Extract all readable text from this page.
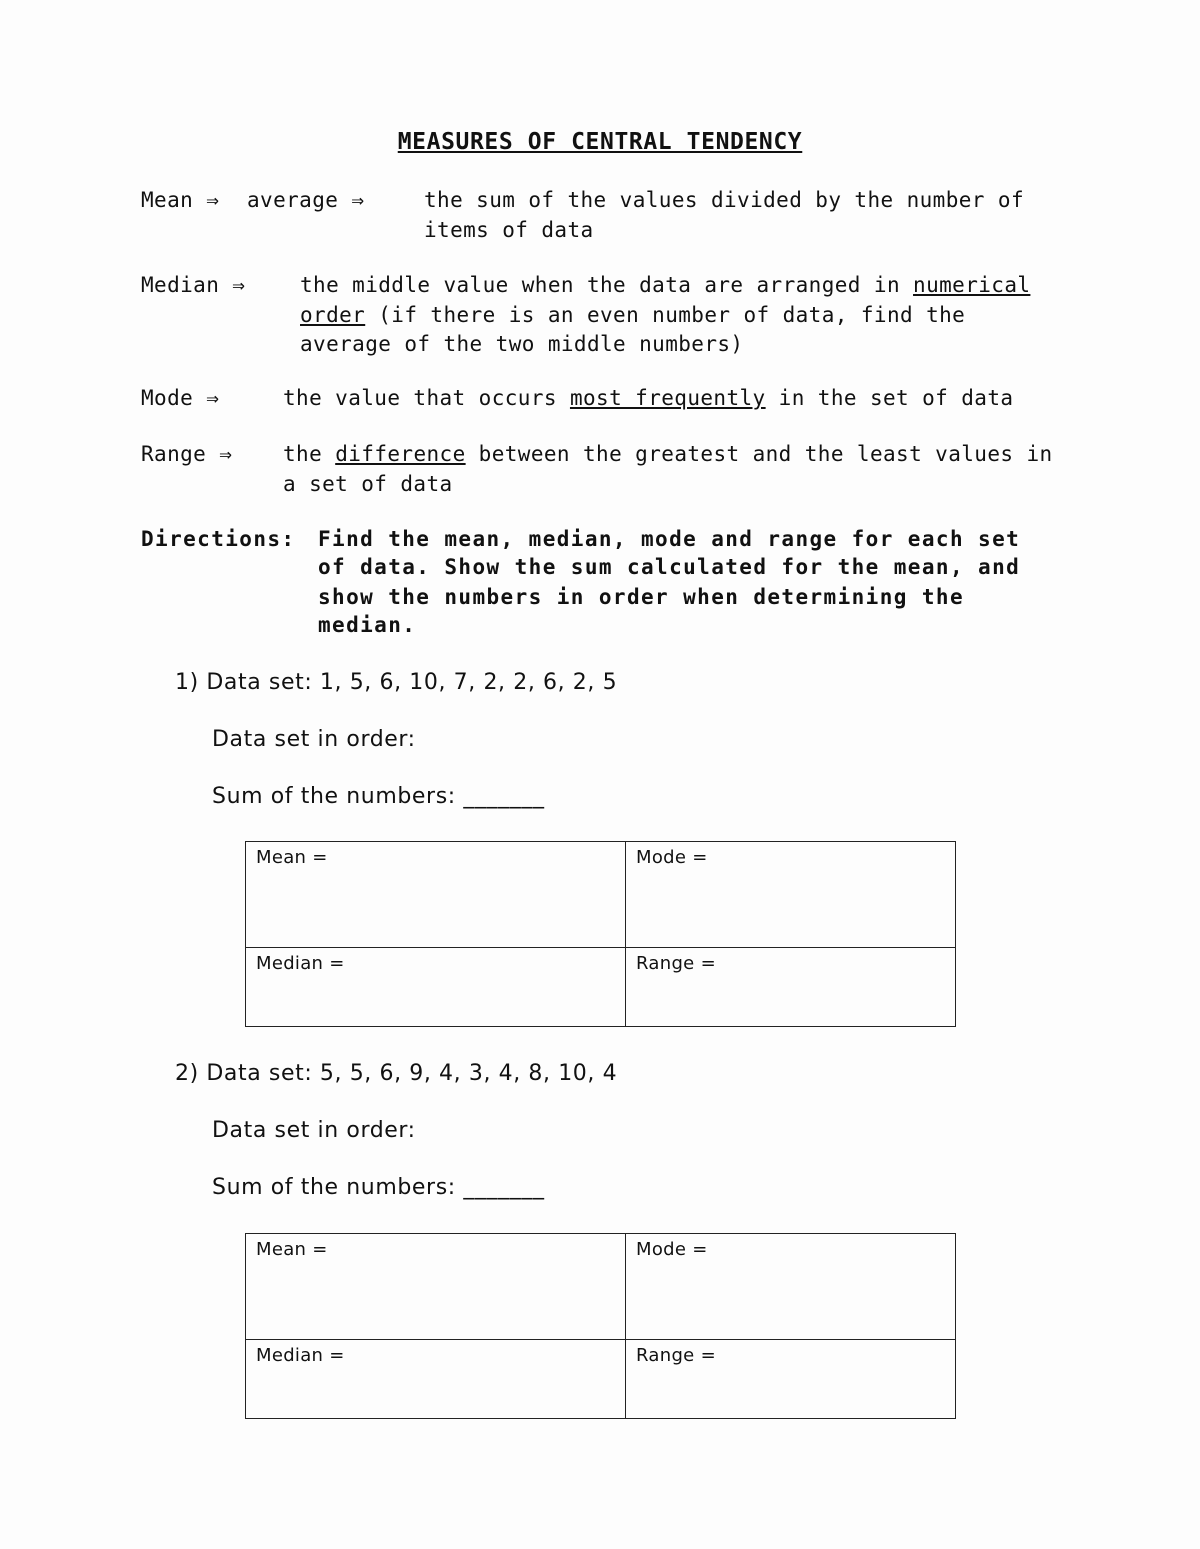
MEASURES OF CENTRAL TENDENCY
Mean ⇒ average ⇒	the sum of the values divided by the number of
items of data
Median ⇒	the middle value when the data are arranged in numerical
order (if there is an even number of data, find the
average of the two middle numbers)
Mode ⇒	the value that occurs most frequently in the set of data
Range ⇒ the difference between the greatest and the least values in
a set of data
Directions: Find the mean, median, mode and range for each set
of data. Show the sum calculated for the mean, and
show the numbers in order when determining the
median.
1) Data set: 1, 5, 6, 10, 7, 2, 2, 6, 2, 5
Data set in order:
Sum of the numbers: _______
Mean =	Mode =
Median =	Range =
2) Data set: 5, 5, 6, 9, 4, 3, 4, 8, 10, 4
Data set in order:
Sum of the numbers: _______
Mean =	Mode =
Median =	Range =
